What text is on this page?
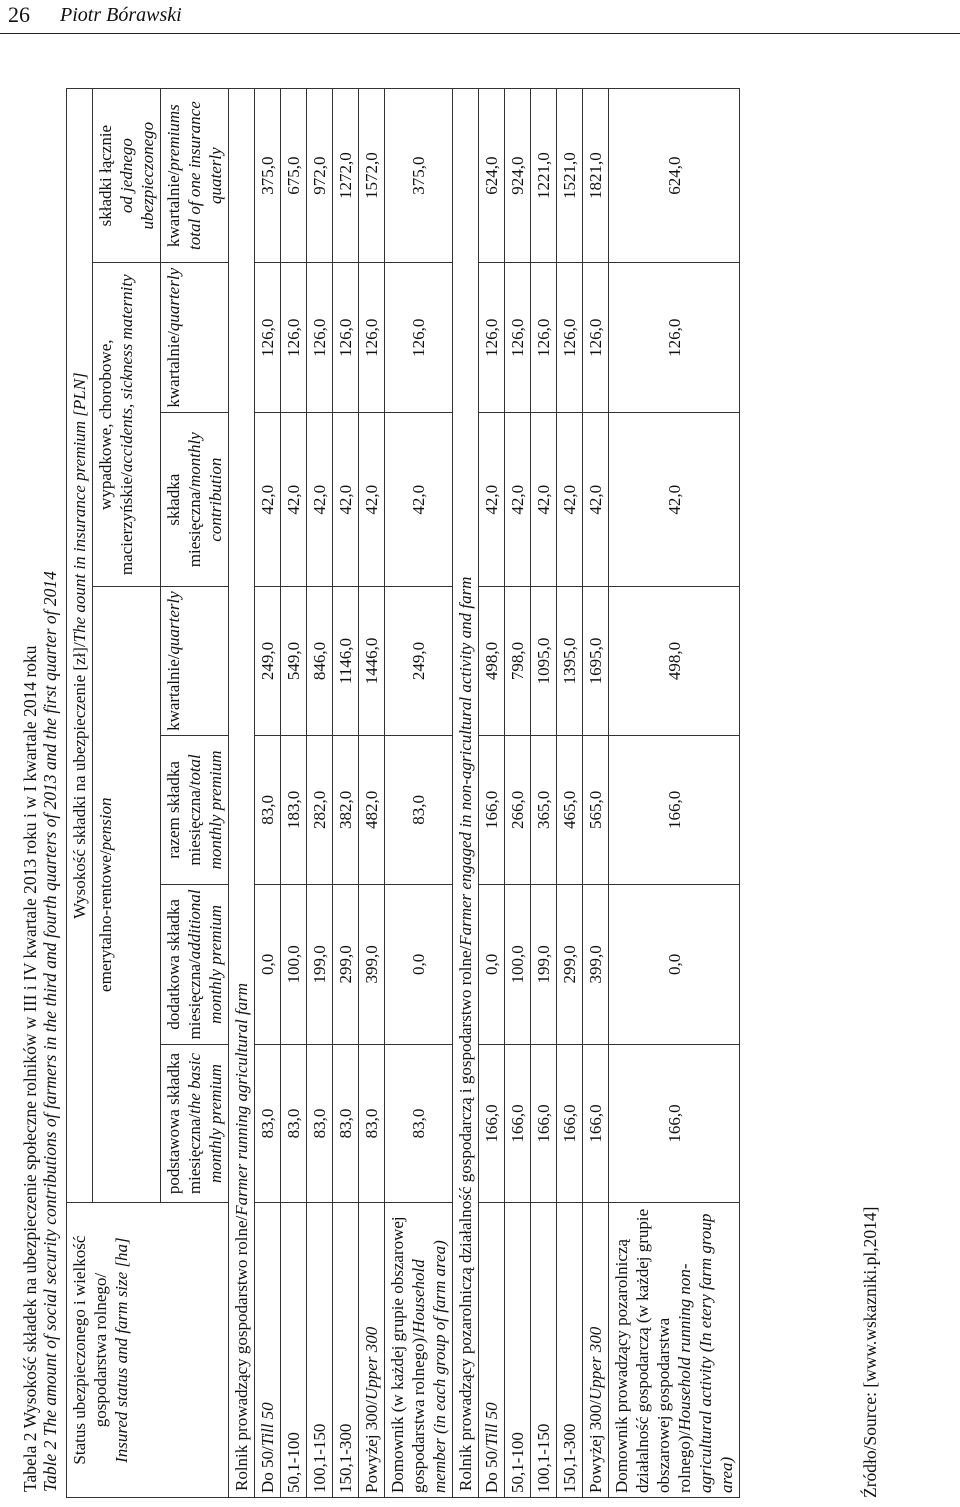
26 Piotr Bórawski
Tabela 2 Wysokość składek na ubezpieczenie społeczne rolników w III i IV kwartale 2013 roku i w I kwartale 2014 roku Table 2 The amount of social security contributions of farmers in the third and fourth quarters of 2013 and the first quarter of 2014 Status ubezpieczonego i wielkość gospodarstwa rolnego/ Insured status and farm size [ha]	Wysokość składki na ubezpieczenie [zł]/The aount in insurance premium [PLN]						
	emerytalno-rentowe/pension				wypadkowe, chorobowe, macierzyńskie/accidents, sickness maternity		składki łącznie od jednego ubezpieczonego
	podstawowa składka miesięczna/the basic monthly premium	dodatkowa składka miesięczna/additional monthly premium	razem składka miesięczna/total monthly premium	kwartalnie/quarterly	składka miesięczna/monthly contribution	kwartalnie/quarterly	kwartalnie/premiums total of one insurance quaterly
Rolnik prowadzący gospodarstwo rolne/Farmer running agricultural farm							
Do 50/Till 50	83,0	0,0	83,0	249,0	42,0	126,0	375,0
50,1-100	83,0	100,0	183,0	549,0	42,0	126,0	675,0
100,1-150	83,0	199,0	282,0	846,0	42,0	126,0	972,0
150,1-300	83,0	299,0	382,0	1146,0	42,0	126,0	1272,0
Powyżej 300/Upper 300	83,0	399,0	482,0	1446,0	42,0	126,0	1572,0
Domownik (w każdej grupie obszarowej gospodarstwa rolnego)/Household member (in each group of farm area)	83,0	0,0	83,0	249,0	42,0	126,0	375,0
Rolnik prowadzący pozarolniczą działalność gospodarczą i gospodarstwo rolne/Farmer engaged in non-agricultural activity and farm							
Do 50/Till 50	166,0	0,0	166,0	498,0	42,0	126,0	624,0
50,1-100	166,0	100,0	266,0	798,0	42,0	126,0	924,0
100,1-150	166,0	199,0	365,0	1095,0	42,0	126,0	1221,0
150,1-300	166,0	299,0	465,0	1395,0	42,0	126,0	1521,0
Powyżej 300/Upper 300	166,0	399,0	565,0	1695,0	42,0	126,0	1821,0
Domownik prowadzący pozarolniczą działalność gospodarczą (w każdej grupie obszarowej gospodarstwa rolnego)/Household running non-agricultural activity (In etery farm group area)	166,0	0,0	166,0	498,0	42,0	126,0	624,0
Źródło/Source: [www.wskazniki.pl,2014]
